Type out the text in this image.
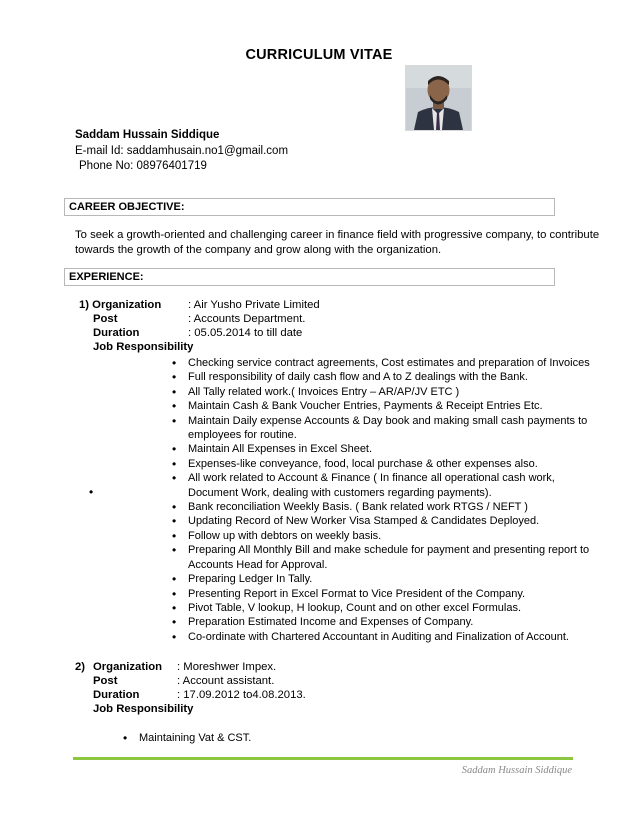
CURRICULUM VITAE
Saddam Hussain Siddique
E-mail Id: saddamhusain.no1@gmail.com
Phone No: 08976401719
CAREER OBJECTIVE:
To seek a growth-oriented and challenging career in finance field with progressive company, to contribute
towards the growth of the company and grow along with the organization.
EXPERIENCE:
1) Organization : Air Yusho Private Limited
Post	: Accounts Department.
Duration	: 05.05.2014 to till date
Job Responsibility
•
• Checking service contract agreements, Cost estimates and preparation of Invoices
• Full responsibility of daily cash flow and A to Z dealings with the Bank.
• All Tally related work.( Invoices Entry – AR/AP/JV ETC )
• Maintain Cash & Bank Voucher Entries, Payments & Receipt Entries Etc.
• Maintain Daily expense Accounts & Day book and making small cash payments to employees for routine.
• Maintain All Expenses in Excel Sheet.
• Expenses-like conveyance, food, local purchase & other expenses also.
• All work related to Account & Finance ( In finance all operational cash work, Document Work, dealing with customers regarding payments).
• Bank reconciliation Weekly Basis. ( Bank related work RTGS / NEFT )
• Updating Record of New Worker Visa Stamped & Candidates Deployed.
• Follow up with debtors on weekly basis.
• Preparing All Monthly Bill and make schedule for payment and presenting report to Accounts Head for Approval.
• Preparing Ledger In Tally.
• Presenting Report in Excel Format to Vice President of the Company.
• Pivot Table, V lookup, H lookup, Count and on other excel Formulas.
• Preparation Estimated Income and Expenses of Company.
• Co-ordinate with Chartered Accountant in Auditing and Finalization of Account.
2) Organization : Moreshwer Impex.
Post	: Account assistant.
Duration	: 17.09.2012 to4.08.2013.
Job Responsibility
• Maintaining Vat & CST.
Saddam Hussain Siddique
